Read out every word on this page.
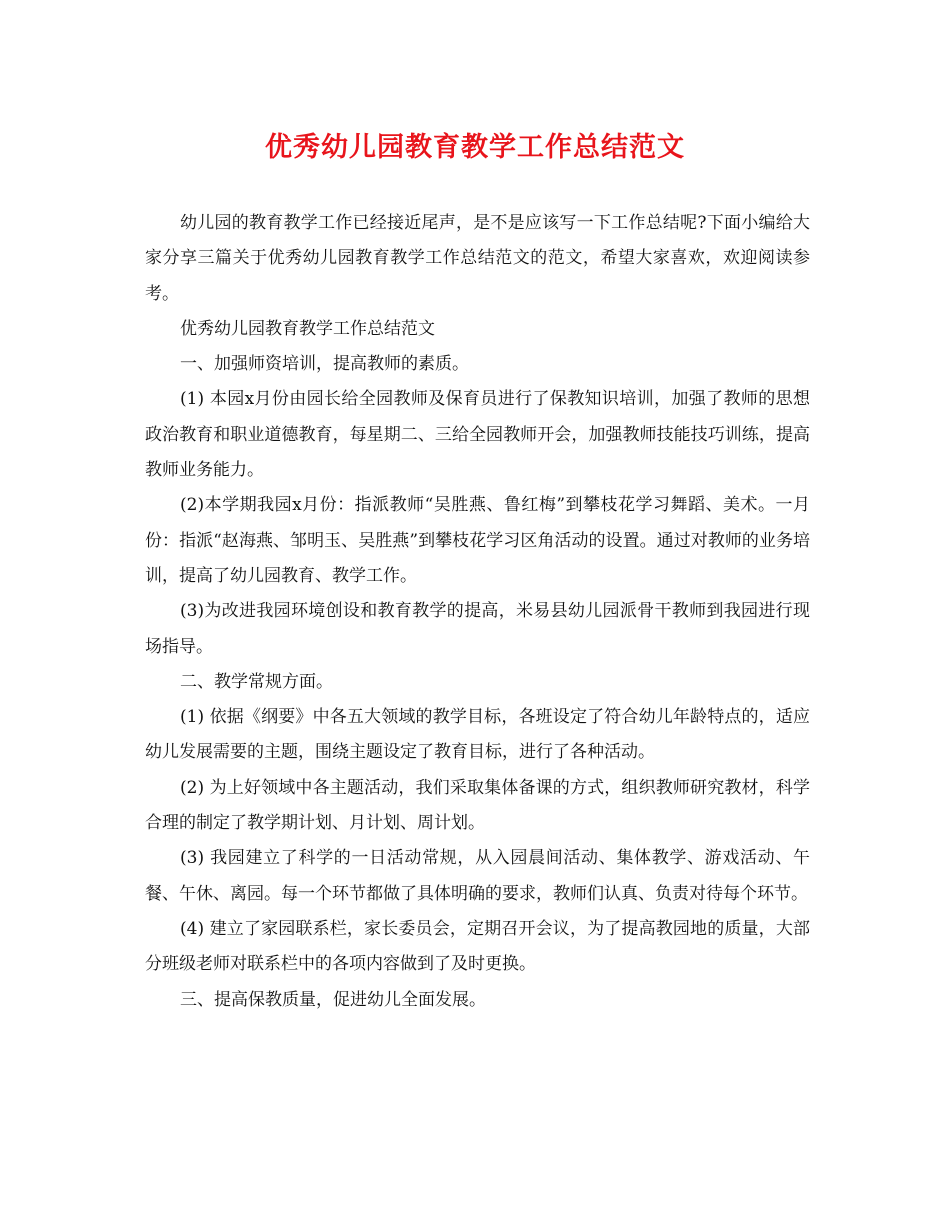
优秀幼儿园教育教学工作总结范文

幼儿园的教育教学工作已经接近尾声，是不是应该写一下工作总结呢?下面小编给大家分享三篇关于优秀幼儿园教育教学工作总结范文的范文，希望大家喜欢，欢迎阅读参考。

优秀幼儿园教育教学工作总结范文

一、加强师资培训，提高教师的素质。

(1) 本园x月份由园长给全园教师及保育员进行了保教知识培训，加强了教师的思想政治教育和职业道德教育，每星期二、三给全园教师开会，加强教师技能技巧训练，提高教师业务能力。

(2)本学期我园x月份：指派教师“吴胜燕、鲁红梅”到攀枝花学习舞蹈、美术。一月份：指派“赵海燕、邹明玉、吴胜燕”到攀枝花学习区角活动的设置。通过对教师的业务培训，提高了幼儿园教育、教学工作。

(3)为改进我园环境创设和教育教学的提高，米易县幼儿园派骨干教师到我园进行现场指导。

二、教学常规方面。

(1) 依据《纲要》中各五大领域的教学目标，各班设定了符合幼儿年龄特点的，适应幼儿发展需要的主题，围绕主题设定了教育目标，进行了各种活动。

(2) 为上好领域中各主题活动，我们采取集体备课的方式，组织教师研究教材，科学合理的制定了教学期计划、月计划、周计划。

(3) 我园建立了科学的一日活动常规，从入园晨间活动、集体教学、游戏活动、午餐、午休、离园。每一个环节都做了具体明确的要求，教师们认真、负责对待每个环节。

(4) 建立了家园联系栏，家长委员会，定期召开会议，为了提高教园地的质量，大部分班级老师对联系栏中的各项内容做到了及时更换。

三、提高保教质量，促进幼儿全面发展。
